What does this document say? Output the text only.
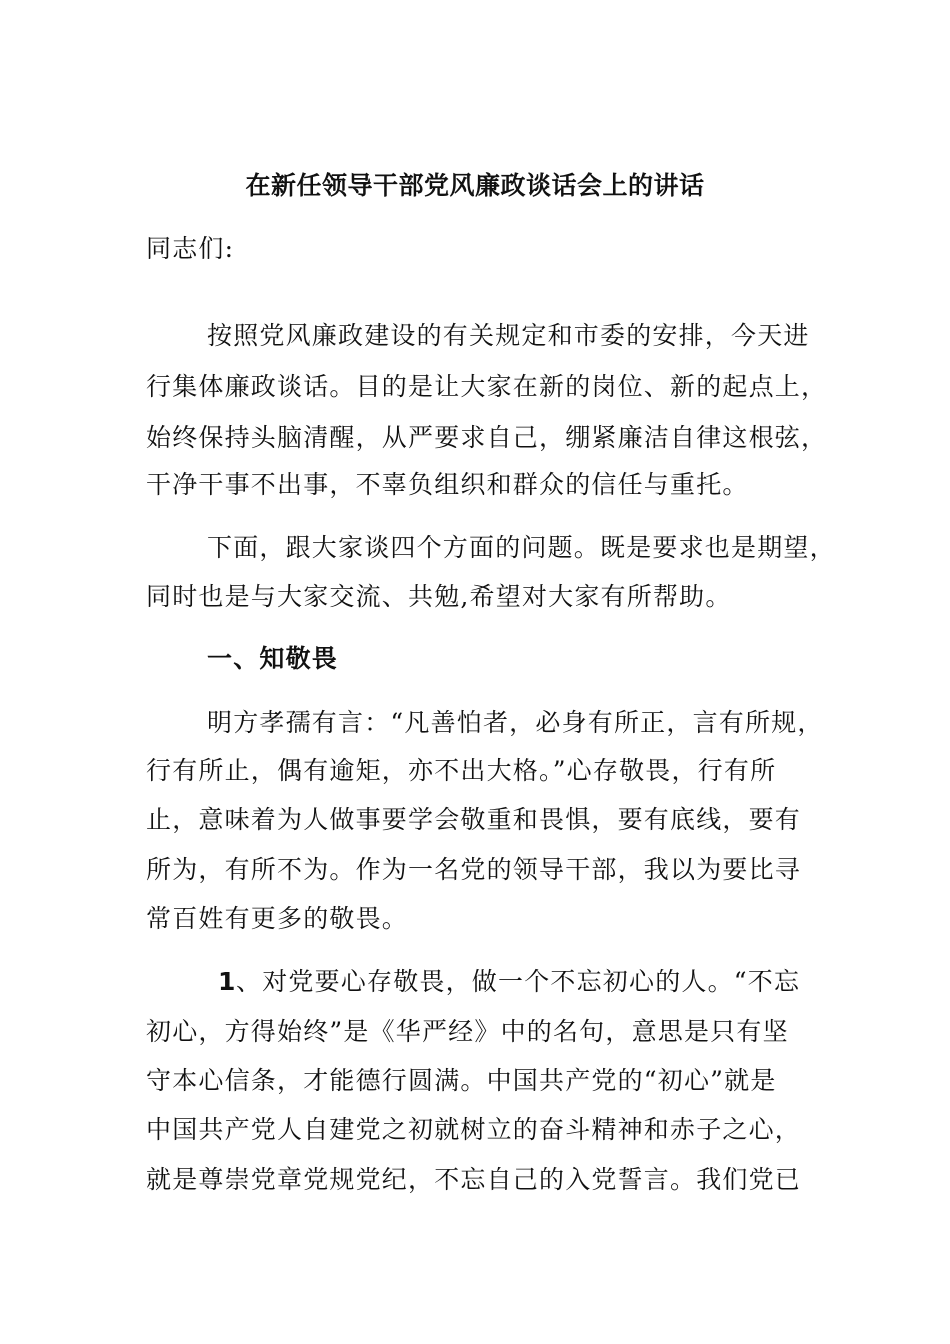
在新任领导干部党风廉政谈话会上的讲话
同志们:
按照党风廉政建设的有关规定和市委的安排，今天进
行集体廉政谈话。目的是让大家在新的岗位、新的起点上，
始终保持头脑清醒，从严要求自己，绷紧廉洁自律这根弦，
干净干事不出事，不辜负组织和群众的信任与重托。
下面，跟大家谈四个方面的问题。既是要求也是期望，
同时也是与大家交流、共勉,希望对大家有所帮助。
一、知敬畏
明方孝孺有言：“凡善怕者，必身有所正，言有所规，
行有所止，偶有逾矩，亦不出大格。”心存敬畏，行有所
止，意味着为人做事要学会敬重和畏惧，要有底线，要有
所为，有所不为。作为一名党的领导干部，我以为要比寻
常百姓有更多的敬畏。
1 、对党要心存敬畏，做一个不忘初心的人。“不忘
初心，方得始终”是《华严经》中的名句，意思是只有坚
守本心信条，才能德行圆满。中国共产党的“初心”就是
中国共产党人自建党之初就树立的奋斗精神和赤子之心，
就是尊崇党章党规党纪，不忘自己的入党誓言。我们党已
